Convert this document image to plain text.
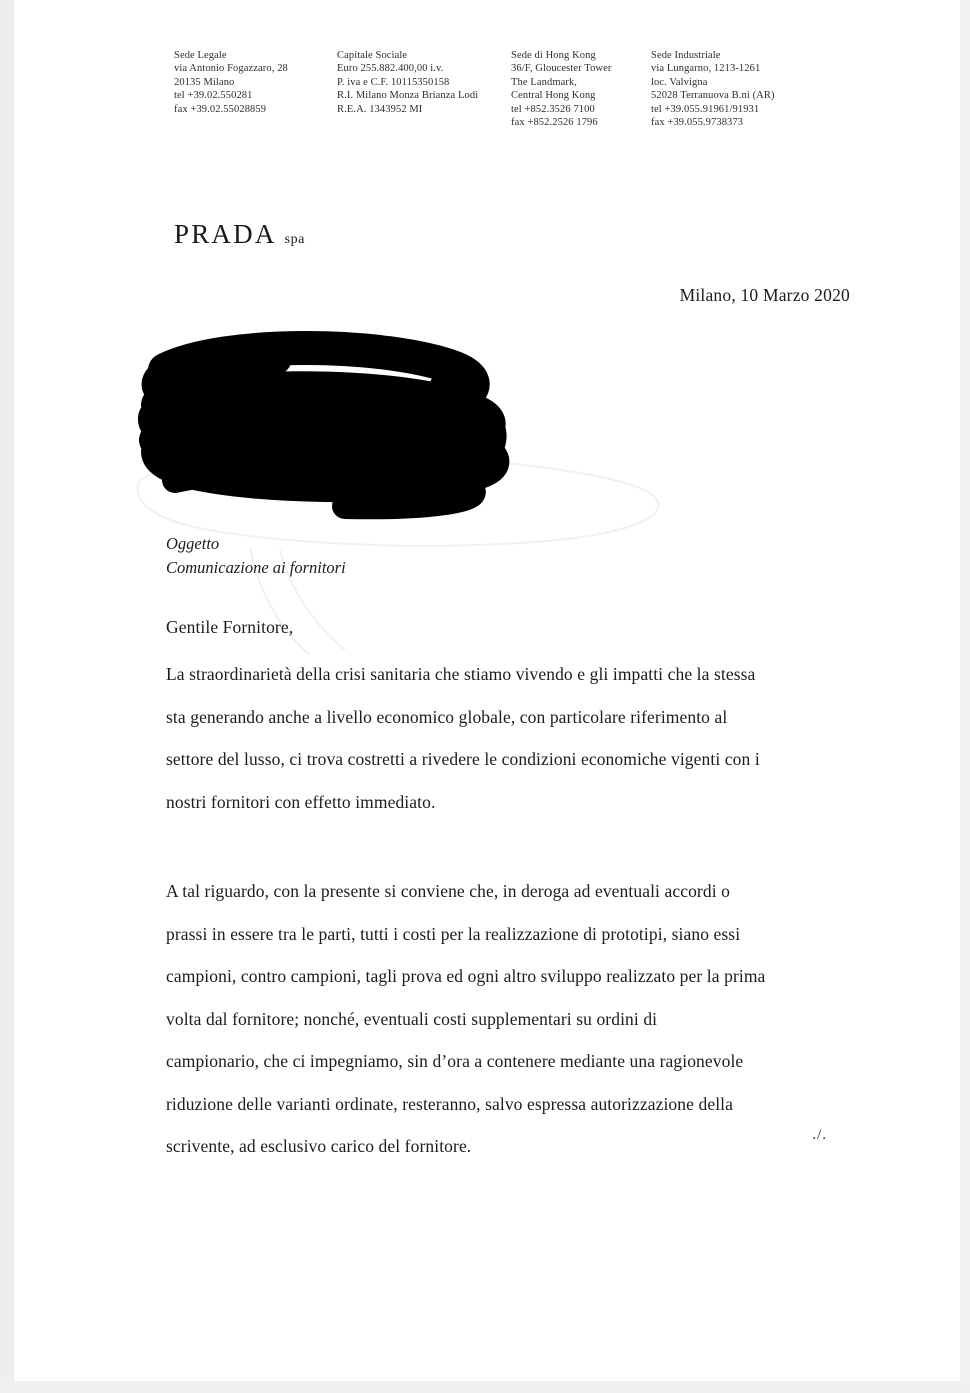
Sede Legale
via Antonio Fogazzaro, 28
20135 Milano
tel +39.02.550281
fax +39.02.55028859
Capitale Sociale
Euro 255.882.400,00 i.v.
P. iva e C.F. 10115350158
R.I. Milano Monza Brianza Lodi
R.E.A. 1343952 MI
Sede di Hong Kong
36/F, Gloucester Tower
The Landmark,
Central Hong Kong
tel +852.3526 7100
fax +852.2526 1796
Sede Industriale
via Lungarno, 1213-1261
loc. Valvigna
52028 Terranuova B.ni (AR)
tel +39.055.91961/91931
fax +39.055.9738373
PRADA spa
Milano, 10 Marzo 2020
Prada
Oggetto
Comunicazione ai fornitori
Gentile Fornitore,
La straordinarietà della crisi sanitaria che stiamo vivendo e gli impatti che la stessa
sta generando anche a livello economico globale, con particolare riferimento al
settore del lusso, ci trova costretti a rivedere le condizioni economiche vigenti con i
nostri fornitori con effetto immediato.
A tal riguardo, con la presente si conviene che, in deroga ad eventuali accordi o
prassi in essere tra le parti, tutti i costi per la realizzazione di prototipi, siano essi
campioni, contro campioni, tagli prova ed ogni altro sviluppo realizzato per la prima
volta dal fornitore; nonché, eventuali costi supplementari su ordini di
campionario, che ci impegniamo, sin d’ora a contenere mediante una ragionevole
riduzione delle varianti ordinate, resteranno, salvo espressa autorizzazione della
scrivente, ad esclusivo carico del fornitore.
./.
